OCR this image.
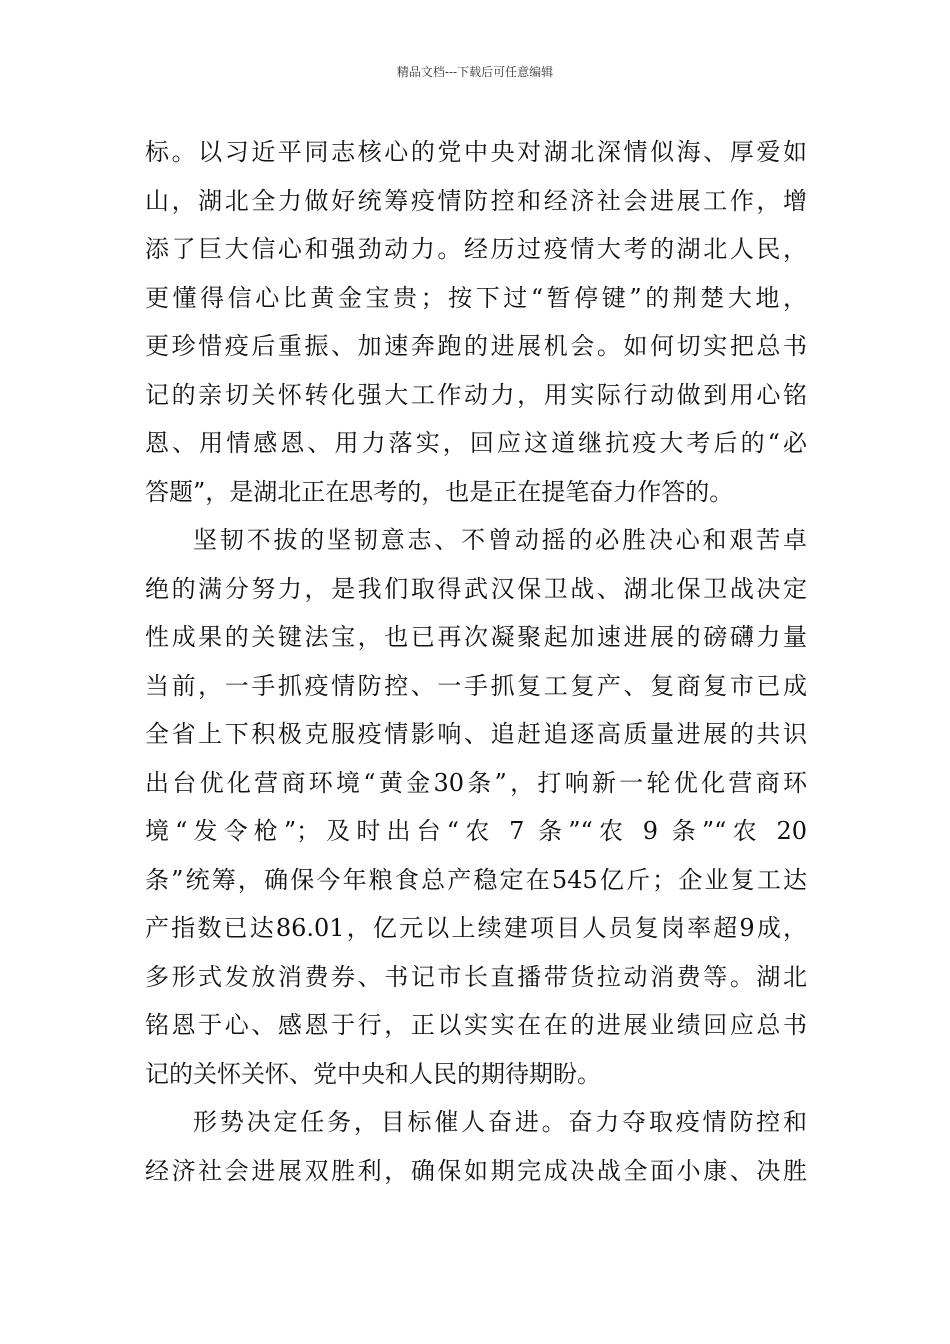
精品文档---下载后可任意编辑
标。以习近平同志核心的党中央对湖北深情似海、厚爱如
山，湖北全力做好统筹疫情防控和经济社会进展工作，增
添了巨大信心和强劲动力。经历过疫情大考的湖北人民，
更懂得信心比黄金宝贵；按下过“暂停键”的荆楚大地，
更珍惜疫后重振、加速奔跑的进展机会。如何切实把总书
记的亲切关怀转化强大工作动力，用实际行动做到用心铭
恩、用情感恩、用力落实，回应这道继抗疫大考后的“必
答题”，是湖北正在思考的，也是正在提笔奋力作答的。
坚韧不拔的坚韧意志、不曾动摇的必胜决心和艰苦卓
绝的满分努力，是我们取得武汉保卫战、湖北保卫战决定
性成果的关键法宝，也已再次凝聚起加速进展的磅礴力量
当前，一手抓疫情防控、一手抓复工复产、复商复市已成
全省上下积极克服疫情影响、追赶追逐高质量进展的共识
出台优化营商环境“黄金30条”，打响新一轮优化营商环
境“发令枪”；及时出台“农 7 条”“农 9 条”“农 20
条”统筹，确保今年粮食总产稳定在545亿斤；企业复工达
产指数已达86.01，亿元以上续建项目人员复岗率超9成，
多形式发放消费券、书记市长直播带货拉动消费等。湖北
铭恩于心、感恩于行，正以实实在在的进展业绩回应总书
记的关怀关怀、党中央和人民的期待期盼。
形势决定任务，目标催人奋进。奋力夺取疫情防控和
经济社会进展双胜利，确保如期完成决战全面小康、决胜
